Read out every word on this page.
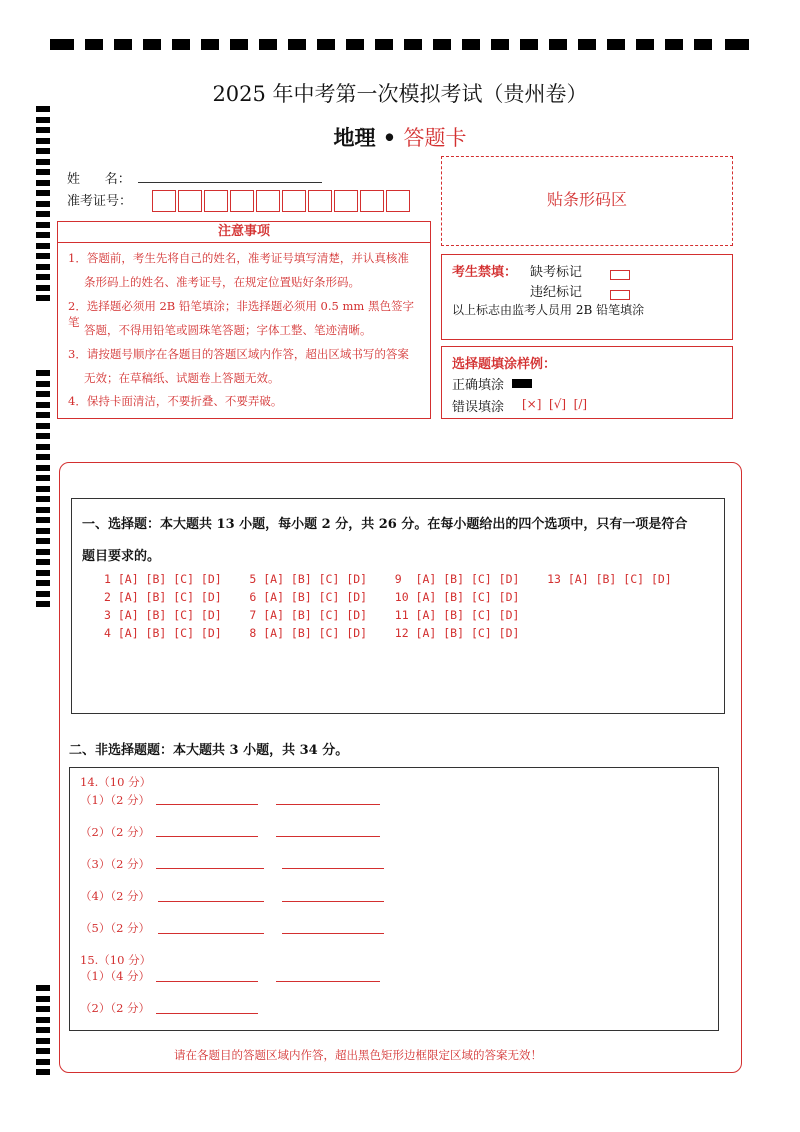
2025 年中考第一次模拟考试（贵州卷）
地理 • 答题卡
姓      名：
准考证号：	贴条形码区
注意事项
1．答题前，考生先将自己的姓名，准考证号填写清楚，并认真核准
条形码上的姓名、准考证号，在规定位置贴好条形码。
2．选择题必须用 2B 铅笔填涂；非选择题必须用 0.5 mm 黑色签字笔
答题，不得用铅笔或圆珠笔答题；字体工整、笔迹清晰。
3．请按题号顺序在各题目的答题区域内作答，超出区域书写的答案
无效；在草稿纸、试题卷上答题无效。
4．保持卡面清洁，不要折叠、不要弄破。
考生禁填： 缺考标记
违纪标记
以上标志由监考人员用 2B 铅笔填涂
选择题填涂样例：
正确填涂
错误填涂 [×]  [√]  [/]
一、选择题：本大题共 13 小题，每小题 2 分，共 26 分。在每小题给出的四个选项中，只有一项是符合
题目要求的。
1 [A] [B] [C] [D]    5 [A] [B] [C] [D]    9  [A] [B] [C] [D]    13 [A] [B] [C] [D]
2 [A] [B] [C] [D]    6 [A] [B] [C] [D]    10 [A] [B] [C] [D]
3 [A] [B] [C] [D]    7 [A] [B] [C] [D]    11 [A] [B] [C] [D]
4 [A] [B] [C] [D]    8 [A] [B] [C] [D]    12 [A] [B] [C] [D]
二、非选择题题：本大题共 3 小题，共 34 分。
14.（10 分）
（1）（2 分）
（2）（2 分）
（3）（2 分）
（4）（2 分）
（5）（2 分）
15.（10 分）
（1）（4 分）
（2）（2 分）
请在各题目的答题区域内作答，超出黑色矩形边框限定区域的答案无效！
